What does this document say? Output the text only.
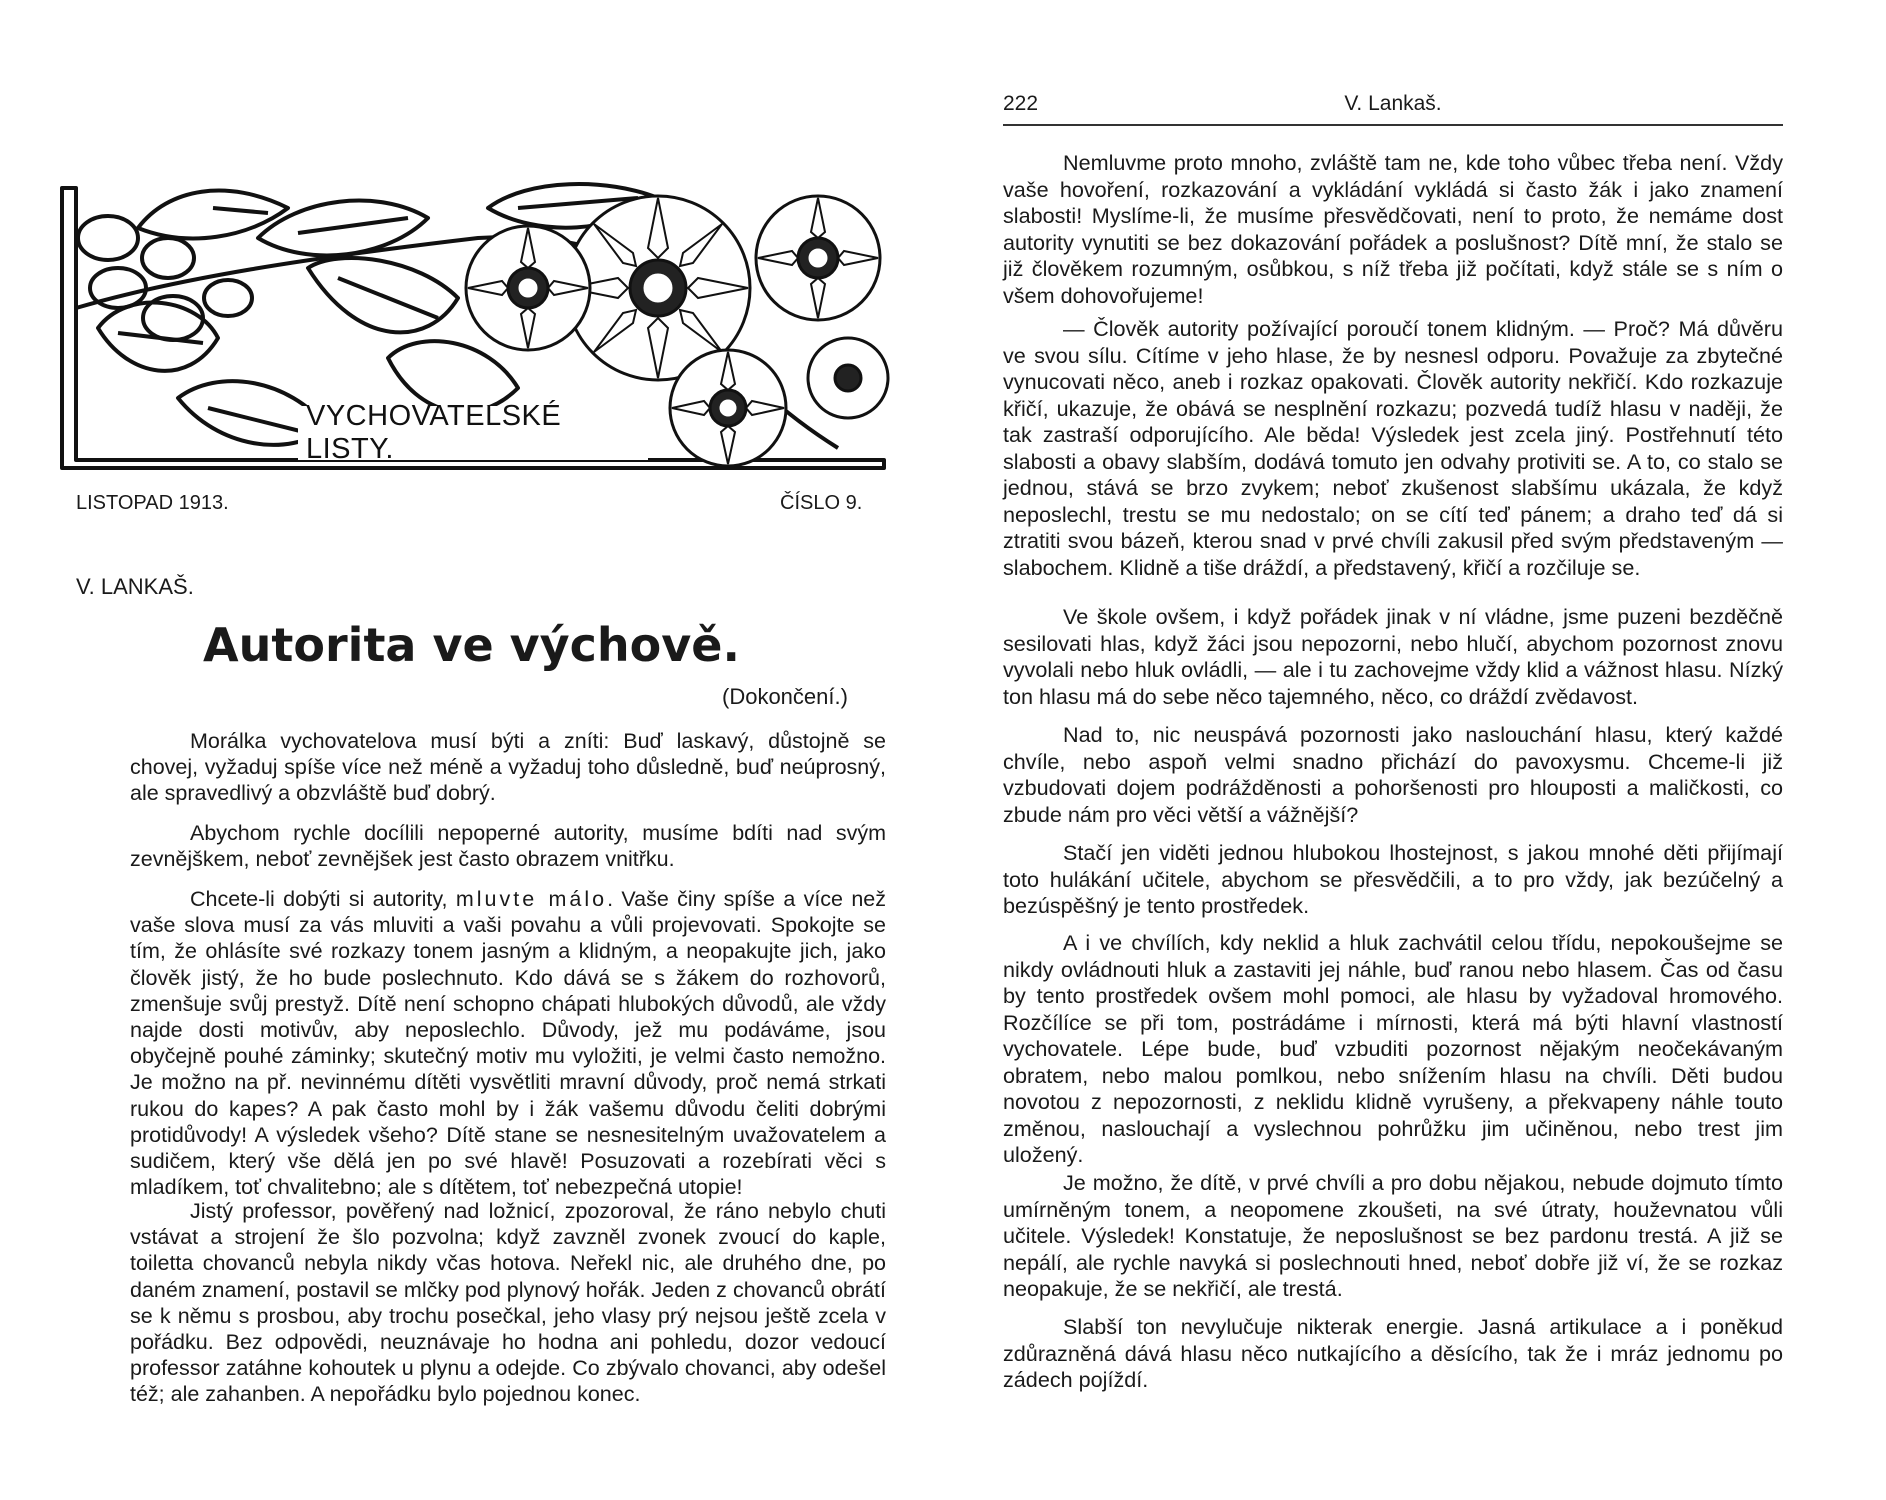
VYCHOVATELSKÉ LISTY.
LISTOPAD 1913.	ČÍSLO 9.
V. LANKAŠ.
Autorita ve výchově.
(Dokončení.)

Morálka vychovatelova musí býti a zníti: Buď laskavý, důstojně se chovej, vyžaduj spíše více než méně a vyžaduj toho důsledně, buď neúprosný, ale spravedlivý a obzvláště buď dobrý.

Abychom rychle docílili nepoperné autority, musíme bdíti nad svým zevnějškem, neboť zevnějšek jest často obrazem vnitřku.

Chcete-li dobýti si autority, mluvte málo. Vaše činy spíše a více než vaše slova musí za vás mluviti a vaši povahu a vůli projevovati. Spokojte se tím, že ohlásíte své rozkazy tonem jasným a klidným, a neopakujte jich, jako člověk jistý, že ho bude poslechnuto. Kdo dává se s žákem do rozhovorů, zmenšuje svůj prestyž. Dítě není schopno chápati hlubokých důvodů, ale vždy najde dosti motivův, aby neposlechlo. Důvody, jež mu podáváme, jsou obyčejně pouhé záminky; skutečný motiv mu vyložiti, je velmi často nemožno. Je možno na př. nevinnému dítěti vysvětliti mravní důvody, proč nemá strkati rukou do kapes? A pak často mohl by i žák vašemu důvodu čeliti dobrými protidůvody! A výsledek všeho? Dítě stane se nesnesitelným uvažovatelem a sudičem, který vše dělá jen po své hlavě! Posuzovati a rozebírati věci s mladíkem, toť chvalitebno; ale s dítětem, toť nebezpečná utopie!

Jistý professor, pověřený nad ložnicí, zpozoroval, že ráno nebylo chuti vstávat a strojení že šlo pozvolna; když zavzněl zvonek zvoucí do kaple, toiletta chovanců nebyla nikdy včas hotova. Neřekl nic, ale druhého dne, po daném znamení, postavil se mlčky pod plynový hořák. Jeden z chovanců obrátí se k němu s prosbou, aby trochu posečkal, jeho vlasy prý nejsou ještě zcela v pořádku. Bez odpovědi, neuznávaje ho hodna ani pohledu, dozor vedoucí professor zatáhne kohoutek u plynu a odejde. Co zbývalo chovanci, aby odešel též; ale zahanben. A nepořádku bylo pojednou konec.

222	V. Lankaš.

Nemluvme proto mnoho, zvláště tam ne, kde toho vůbec třeba není. Vždy vaše hovoření, rozkazování a vykládání vykládá si často žák i jako znamení slabosti! Myslíme-li, že musíme přesvědčovati, není to proto, že nemáme dost autority vynutiti se bez dokazování pořádek a poslušnost? Dítě mní, že stalo se již člověkem rozumným, osůbkou, s níž třeba již počítati, když stále se s ním o všem dohovořujeme!

— Člověk autority požívající poroučí tonem klidným. — Proč? Má důvěru ve svou sílu. Cítíme v jeho hlase, že by nesnesl odporu. Považuje za zbytečné vynucovati něco, aneb i rozkaz opakovati. Člověk autority nekřičí. Kdo rozkazuje křičí, ukazuje, že obává se nesplnění rozkazu; pozvedá tudíž hlasu v naději, že tak zastraší odporujícího. Ale běda! Výsledek jest zcela jiný. Postřehnutí této slabosti a obavy slabším, dodává tomuto jen odvahy protiviti se. A to, co stalo se jednou, stává se brzo zvykem; neboť zkušenost slabšímu ukázala, že když neposlechl, trestu se mu nedostalo; on se cítí teď pánem; a draho teď dá si ztratiti svou bázeň, kterou snad v prvé chvíli zakusil před svým představeným — slabochem. Klidně a tiše dráždí, a představený, křičí a rozčiluje se.

Ve škole ovšem, i když pořádek jinak v ní vládne, jsme puzeni bezděčně sesilovati hlas, když žáci jsou nepozorni, nebo hlučí, abychom pozornost znovu vyvolali nebo hluk ovládli, — ale i tu zachovejme vždy klid a vážnost hlasu. Nízký ton hlasu má do sebe něco tajemného, něco, co dráždí zvědavost.

Nad to, nic neuspává pozornosti jako naslouchání hlasu, který každé chvíle, nebo aspoň velmi snadno přichází do pavoxysmu. Chceme-li již vzbudovati dojem podrážděnosti a pohoršenosti pro hlouposti a maličkosti, co zbude nám pro věci větší a vážnější?

Stačí jen viděti jednou hlubokou lhostejnost, s jakou mnohé děti přijímají toto hulákání učitele, abychom se přesvědčili, a to pro vždy, jak bezúčelný a bezúspěšný je tento prostředek.

A i ve chvílích, kdy neklid a hluk zachvátil celou třídu, nepokoušejme se nikdy ovládnouti hluk a zastaviti jej náhle, buď ranou nebo hlasem. Čas od času by tento prostředek ovšem mohl pomoci, ale hlasu by vyžadoval hromového. Rozčílíce se při tom, postrádáme i mírnosti, která má býti hlavní vlastností vychovatele. Lépe bude, buď vzbuditi pozornost nějakým neočekávaným obratem, nebo malou pomlkou, nebo snížením hlasu na chvíli. Děti budou novotou z nepozornosti, z neklidu klidně vyrušeny, a překvapeny náhle touto změnou, naslouchají a vyslechnou pohrůžku jim učiněnou, nebo trest jim uložený.

Je možno, že dítě, v prvé chvíli a pro dobu nějakou, nebude dojmuto tímto umírněným tonem, a neopomene zkoušeti, na své útraty, houževnatou vůli učitele. Výsledek! Konstatuje, že neposlušnost se bez pardonu trestá. A již se nepálí, ale rychle navyká si poslechnouti hned, neboť dobře již ví, že se rozkaz neopakuje, že se nekřičí, ale trestá.

Slabší ton nevylučuje nikterak energie. Jasná artikulace a i poněkud zdůrazněná dává hlasu něco nutkajícího a děsícího, tak že i mráz jednomu po zádech pojíždí.
